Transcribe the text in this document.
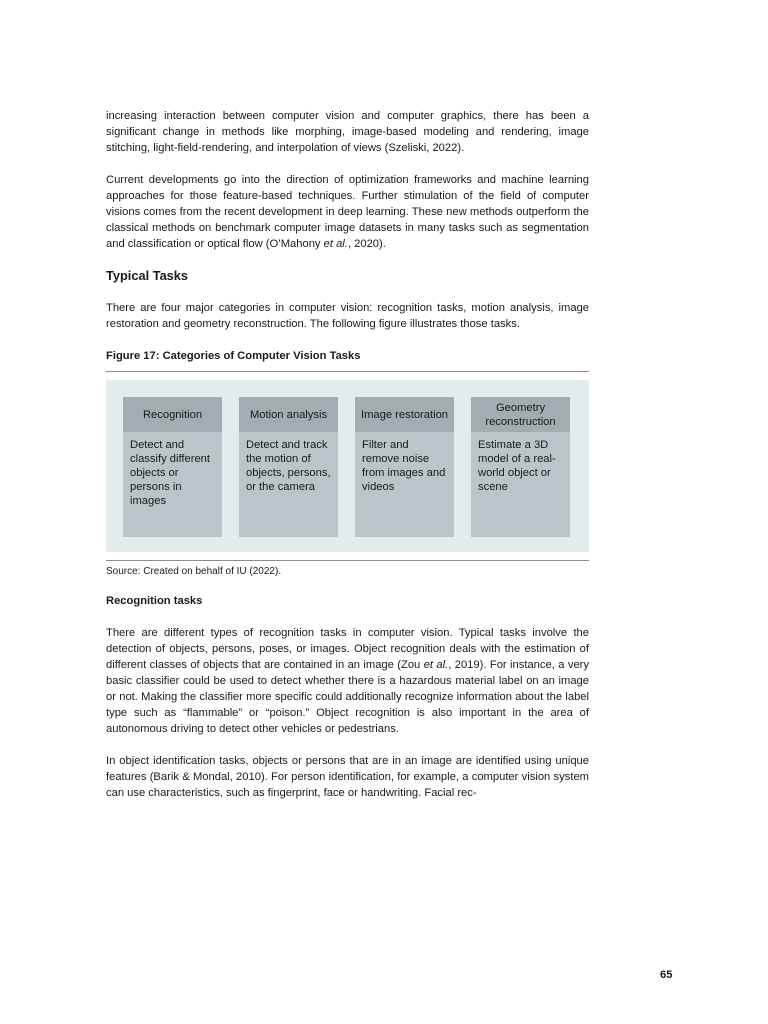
increasing interaction between computer vision and computer graphics, there has been a significant change in methods like morphing, image-based modeling and rendering, image stitching, light-field-rendering, and interpolation of views (Szeliski, 2022).

Current developments go into the direction of optimization frameworks and machine learning approaches for those feature-based techniques. Further stimulation of the field of computer visions comes from the recent development in deep learning. These new methods outperform the classical methods on benchmark computer image datasets in many tasks such as segmentation and classification or optical flow (O’Mahony et al., 2020).

Typical Tasks

There are four major categories in computer vision: recognition tasks, motion analysis, image restoration and geometry reconstruction. The following figure illustrates those tasks.

Figure 17: Categories of Computer Vision Tasks

Recognition
Detect and classify different objects or persons in images
Motion analysis
Detect and track the motion of objects, persons, or the camera
Image restoration
Filter and remove noise from images and videos
Geometry reconstruction
Estimate a 3D model of a real-world object or scene

Source: Created on behalf of IU (2022).

Recognition tasks

There are different types of recognition tasks in computer vision. Typical tasks involve the detection of objects, persons, poses, or images. Object recognition deals with the estimation of different classes of objects that are contained in an image (Zou et al., 2019). For instance, a very basic classifier could be used to detect whether there is a hazardous material label on an image or not. Making the classifier more specific could additionally recognize information about the label type such as “flammable” or “poison.” Object recognition is also important in the area of autonomous driving to detect other vehicles or pedestrians.

In object identification tasks, objects or persons that are in an image are identified using unique features (Barik & Mondal, 2010). For person identification, for example, a computer vision system can use characteristics, such as fingerprint, face or handwriting. Facial rec-

65
